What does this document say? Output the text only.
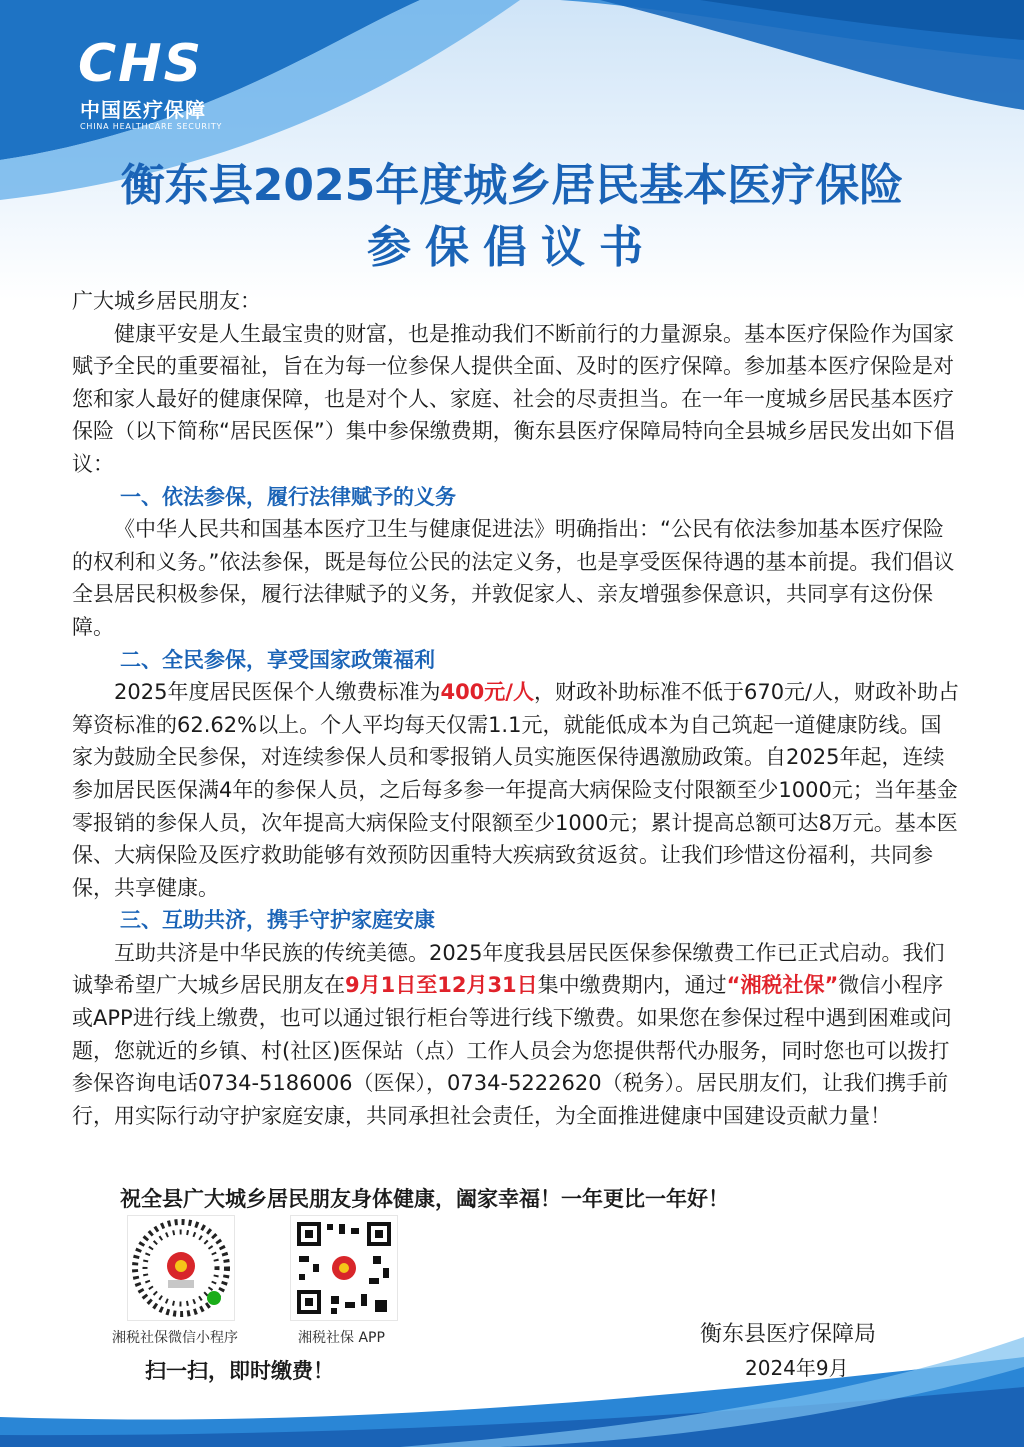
CHS
中国医疗保障
CHINA HEALTHCARE SECURITY
衡东县2025年度城乡居民基本医疗保险
参保倡议书

广大城乡居民朋友：

健康平安是人生最宝贵的财富，也是推动我们不断前行的力量源泉。基本医疗保险作为国家赋予全民的重要福祉，旨在为每一位参保人提供全面、及时的医疗保障。参加基本医疗保险是对您和家人最好的健康保障，也是对个人、家庭、社会的尽责担当。在一年一度城乡居民基本医疗保险（以下简称“居民医保”）集中参保缴费期，衡东县医疗保障局特向全县城乡居民发出如下倡议：

一、依法参保，履行法律赋予的义务

《中华人民共和国基本医疗卫生与健康促进法》明确指出：“公民有依法参加基本医疗保险的权利和义务。”依法参保，既是每位公民的法定义务，也是享受医保待遇的基本前提。我们倡议全县居民积极参保，履行法律赋予的义务，并敦促家人、亲友增强参保意识，共同享有这份保障。

二、全民参保，享受国家政策福利

2025年度居民医保个人缴费标准为400元/人，财政补助标准不低于670元/人，财政补助占筹资标准的62.62%以上。个人平均每天仅需1.1元，就能低成本为自己筑起一道健康防线。国家为鼓励全民参保，对连续参保人员和零报销人员实施医保待遇激励政策。自2025年起，连续参加居民医保满4年的参保人员，之后每多参一年提高大病保险支付限额至少1000元；当年基金零报销的参保人员，次年提高大病保险支付限额至少1000元；累计提高总额可达8万元。基本医保、大病保险及医疗救助能够有效预防因重特大疾病致贫返贫。让我们珍惜这份福利，共同参保，共享健康。

三、互助共济，携手守护家庭安康

互助共济是中华民族的传统美德。2025年度我县居民医保参保缴费工作已正式启动。我们诚挚希望广大城乡居民朋友在9月1日至12月31日集中缴费期内，通过“湘税社保”微信小程序或APP进行线上缴费，也可以通过银行柜台等进行线下缴费。如果您在参保过程中遇到困难或问题，您就近的乡镇、村(社区)医保站（点）工作人员会为您提供帮代办服务，同时您也可以拨打参保咨询电话0734-5186006（医保），0734-5222620（税务）。居民朋友们，让我们携手前行，用实际行动守护家庭安康，共同承担社会责任，为全面推进健康中国建设贡献力量！

祝全县广大城乡居民朋友身体健康，阖家幸福！一年更比一年好！
湘税社保微信小程序	湘税社保 APP
扫一扫，即时缴费！
衡东县医疗保障局
2024年9月
